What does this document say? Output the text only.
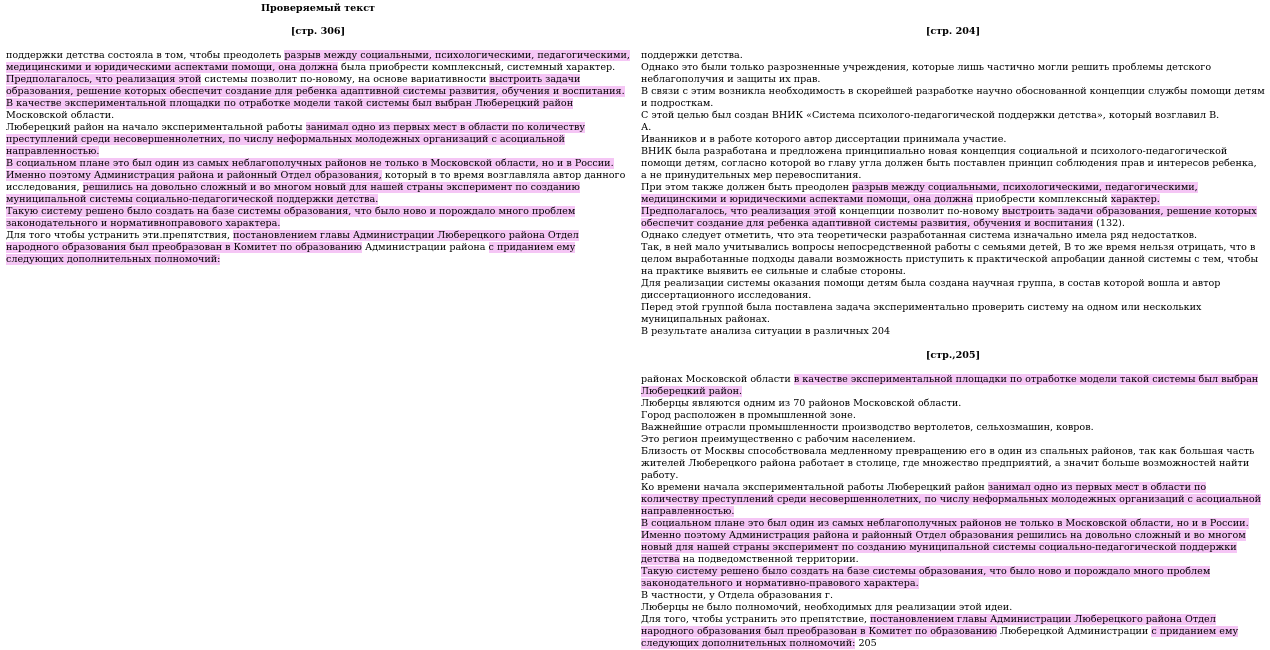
Проверяемый текст
[стр. 306]
поддержки детства состояла в том, чтобы преодолеть разрыв между социальными, психологическими, педагогическими, медицинскими и юридическими аспектами помощи, она должна была приобрести комплексный, системный характер.
Предполагалось, что реализация этой системы позволит по-новому, на основе вариативности выстроить задачи образования, решение которых обеспечит создание для ребенка адаптивной системы развития, обучения и воспитания.
В качестве экспериментальной площадки по отработке модели такой системы был выбран Люберецкий район Московской области.
Люберецкий район на начало экспериментальной работы занимал одно из первых мест в области по количеству преступлений среди несовершеннолетних, по числу неформальных молодежных организаций с асоциальной направленностью.
В социальном плане это был один из самых неблагополучных районов не только в Московской области, но и в России.
Именно поэтому Администрация района и районный Отдел образования, который в то время возглавляла автор данного исследования, решились на довольно сложный и во многом новый для нашей страны эксперимент по созданию муниципальной системы социально-педагогической поддержки детства.
Такую систему решено было создать на базе системы образования, что было ново и порождало много проблем законодательного и нормативноправового характера.
Для того чтобы устранить эти.препятствия, постановлением главы Администрации Люберецкого района Отдел народного образования был преобразован в Комитет по образованию Администрации района с приданием ему следующих дополнительных полномочий:
[стр. 204]
поддержки детства.
Однако это были только разрозненные учреждения, которые лишь частично могли решить проблемы детского неблагополучия и защиты их прав.
В связи с этим возникла необходимость в скорейшей разработке научно обоснованной концепции службы помощи детям и подросткам.
С этой целью был создан ВНИК «Система психолого-педагогической поддержки детства», который возглавил В.
А.
Иванников и в работе которого автор диссертации принимала участие.
ВНИК была разработана и предложена принципиально новая концепция социальной и психолого-педагогической помощи детям, согласно которой во главу угла должен быть поставлен принцип соблюдения прав и интересов ребенка, а не принудительных мер перевоспитания.
При этом также должен быть преодолен разрыв между социальными, психологическими, педагогическими, медицинскими и юридическими аспектами помощи, она должна приобрести комплексный характер.
Предполагалось, что реализация этой концепции позволит по-новому выстроить задачи образования, решение которых обеспечит создание для ребенка адаптивной системы развития, обучения и воспитания (132).
Однако следует отметить, что эта теоретически разработанная система изначально имела ряд недостатков.
Так, в ней мало учитывались вопросы непосредственной работы с семьями детей, В то же время нельзя отрицать, что в целом выработанные подходы давали возможность приступить к практической апробации данной системы с тем, чтобы на практике выявить ее сильные и слабые стороны.
Для реализации системы оказания помощи детям была создана научная группа, в состав которой вошла и автор диссертационного исследования.
Перед этой группой была поставлена задача экспериментально проверить систему на одном или нескольких муниципальных районах.
В результате анализа ситуации в различных 204
[стр.,205]
районах Московской области в качестве экспериментальной площадки по отработке модели такой системы был выбран Люберецкий район.
Люберцы являются одним из 70 районов Московской области.
Город расположен в промышленной зоне.
Важнейшие отрасли промышленности производство вертолетов, сельхозмашин, ковров.
Это регион преимущественно с рабочим населением.
Близость от Москвы способствовала медленному превращению его в один из спальных районов, так как большая часть жителей Люберецкого района работает в столице, где множество предприятий, а значит больше возможностей найти работу.
Ко времени начала экспериментальной работы Люберецкий район занимал одно из первых мест в области по количеству преступлений среди несовершеннолетних, по числу неформальных молодежных организаций с асоциальной направленностью.
В социальном плане это был один из самых неблагополучных районов не только в Московской области, но и в России.
Именно поэтому Администрация района и районный Отдел образования решились на довольно сложный и во многом новый для нашей страны эксперимент по созданию муниципальной системы социально-педагогической поддержки детства на подведомственной территории.
Такую систему решено было создать на базе системы образования, что было ново и порождало много проблем законодательного и нормативно-правового характера.
В частности, у Отдела образования г.
Люберцы не было полномочий, необходимых для реализации этой идеи.
Для того, чтобы устранить это препятствие, постановлением главы Администрации Люберецкого района Отдел народного образования был преобразован в Комитет по образованию Люберецкой Администрации с приданием ему следующих дополнительных полномочий: 205
